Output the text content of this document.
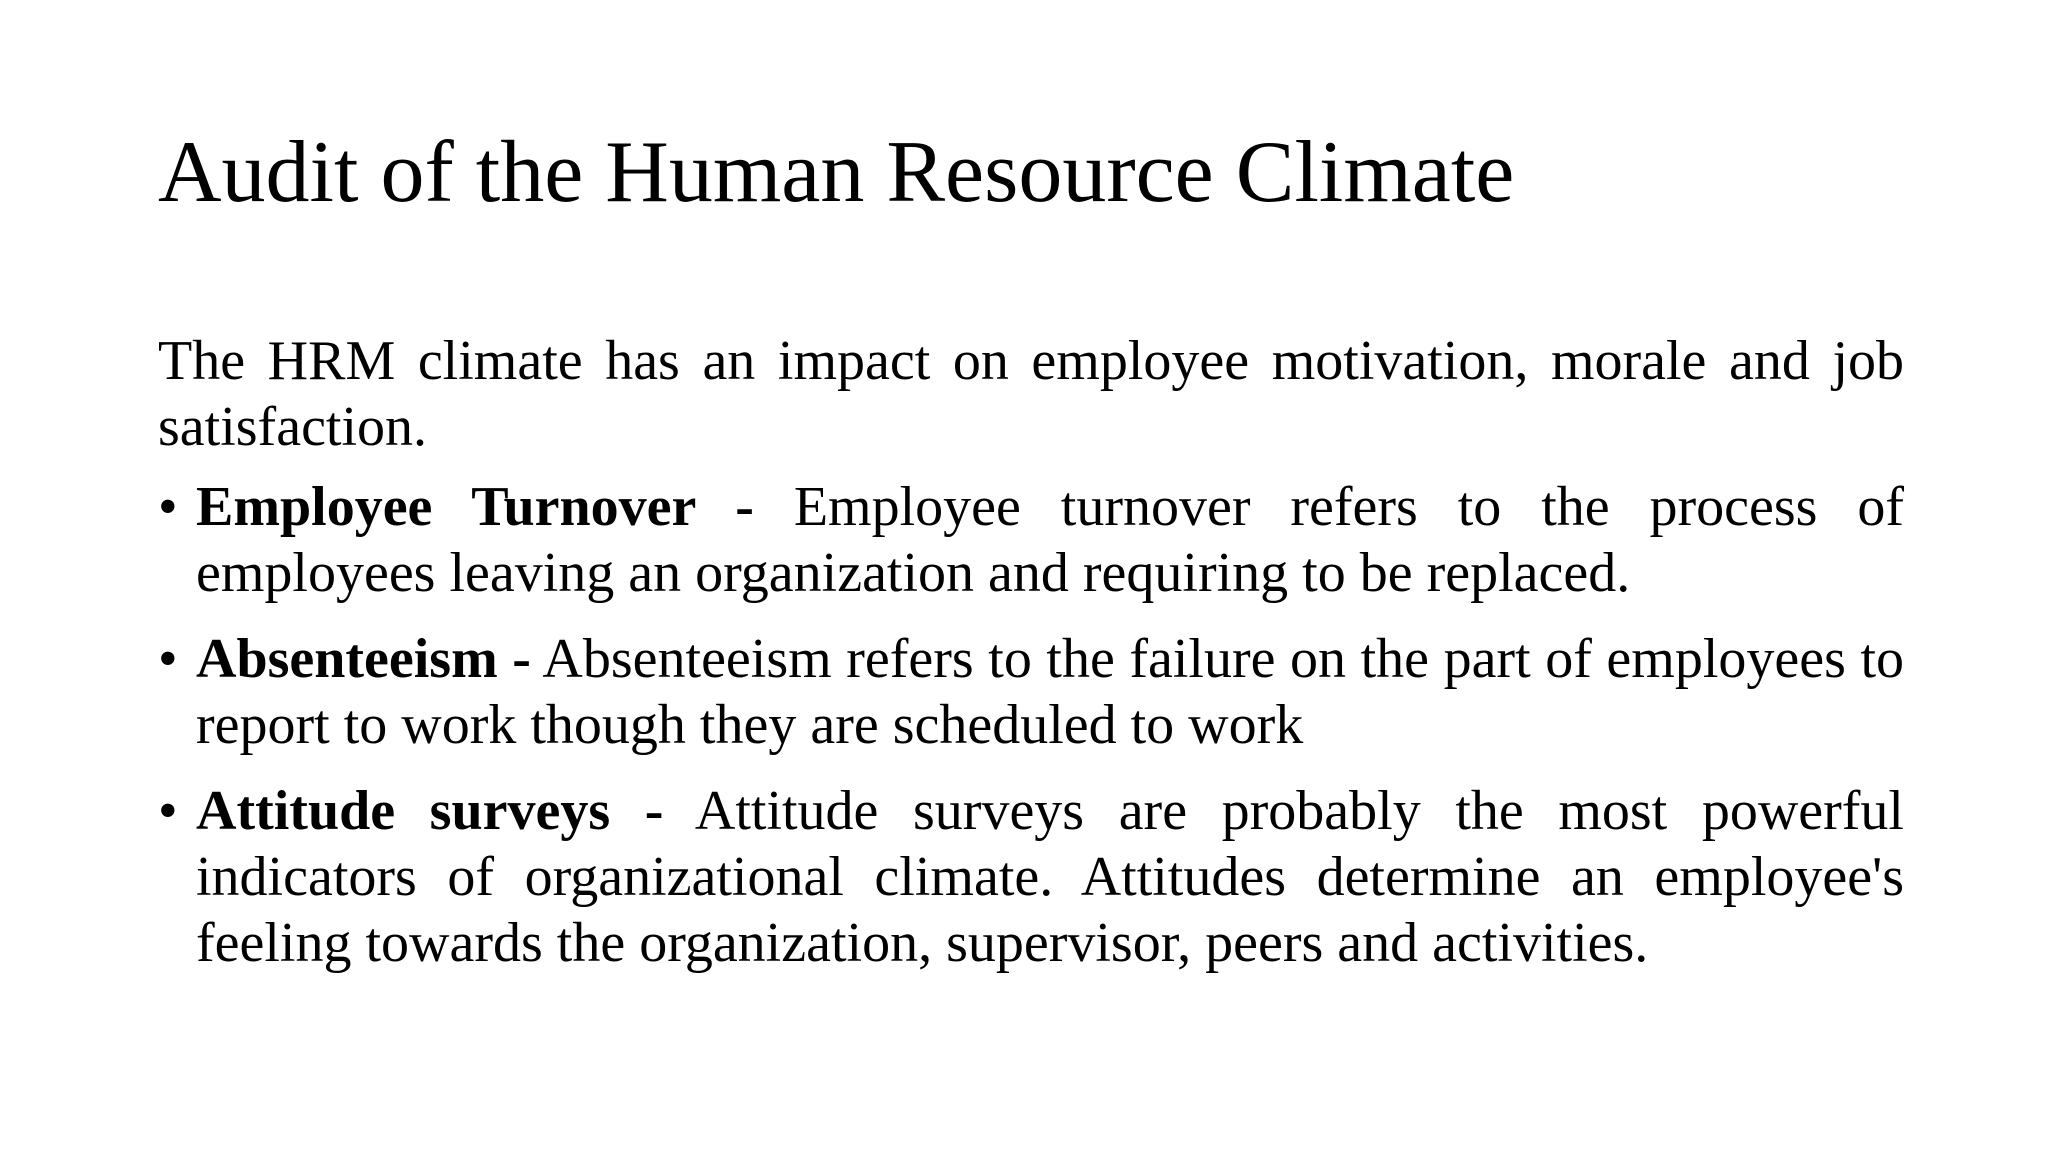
Audit of the Human Resource Climate

The HRM climate has an impact on employee motivation, morale and job satisfaction.

• Employee Turnover - Employee turnover refers to the process of employees leaving an organization and requiring to be replaced.
• Absenteeism - Absenteeism refers to the failure on the part of employees to report to work though they are scheduled to work
• Attitude surveys - Attitude surveys are probably the most powerful indicators of organizational climate. Attitudes determine an employee's feeling towards the organization, supervisor, peers and activities.
